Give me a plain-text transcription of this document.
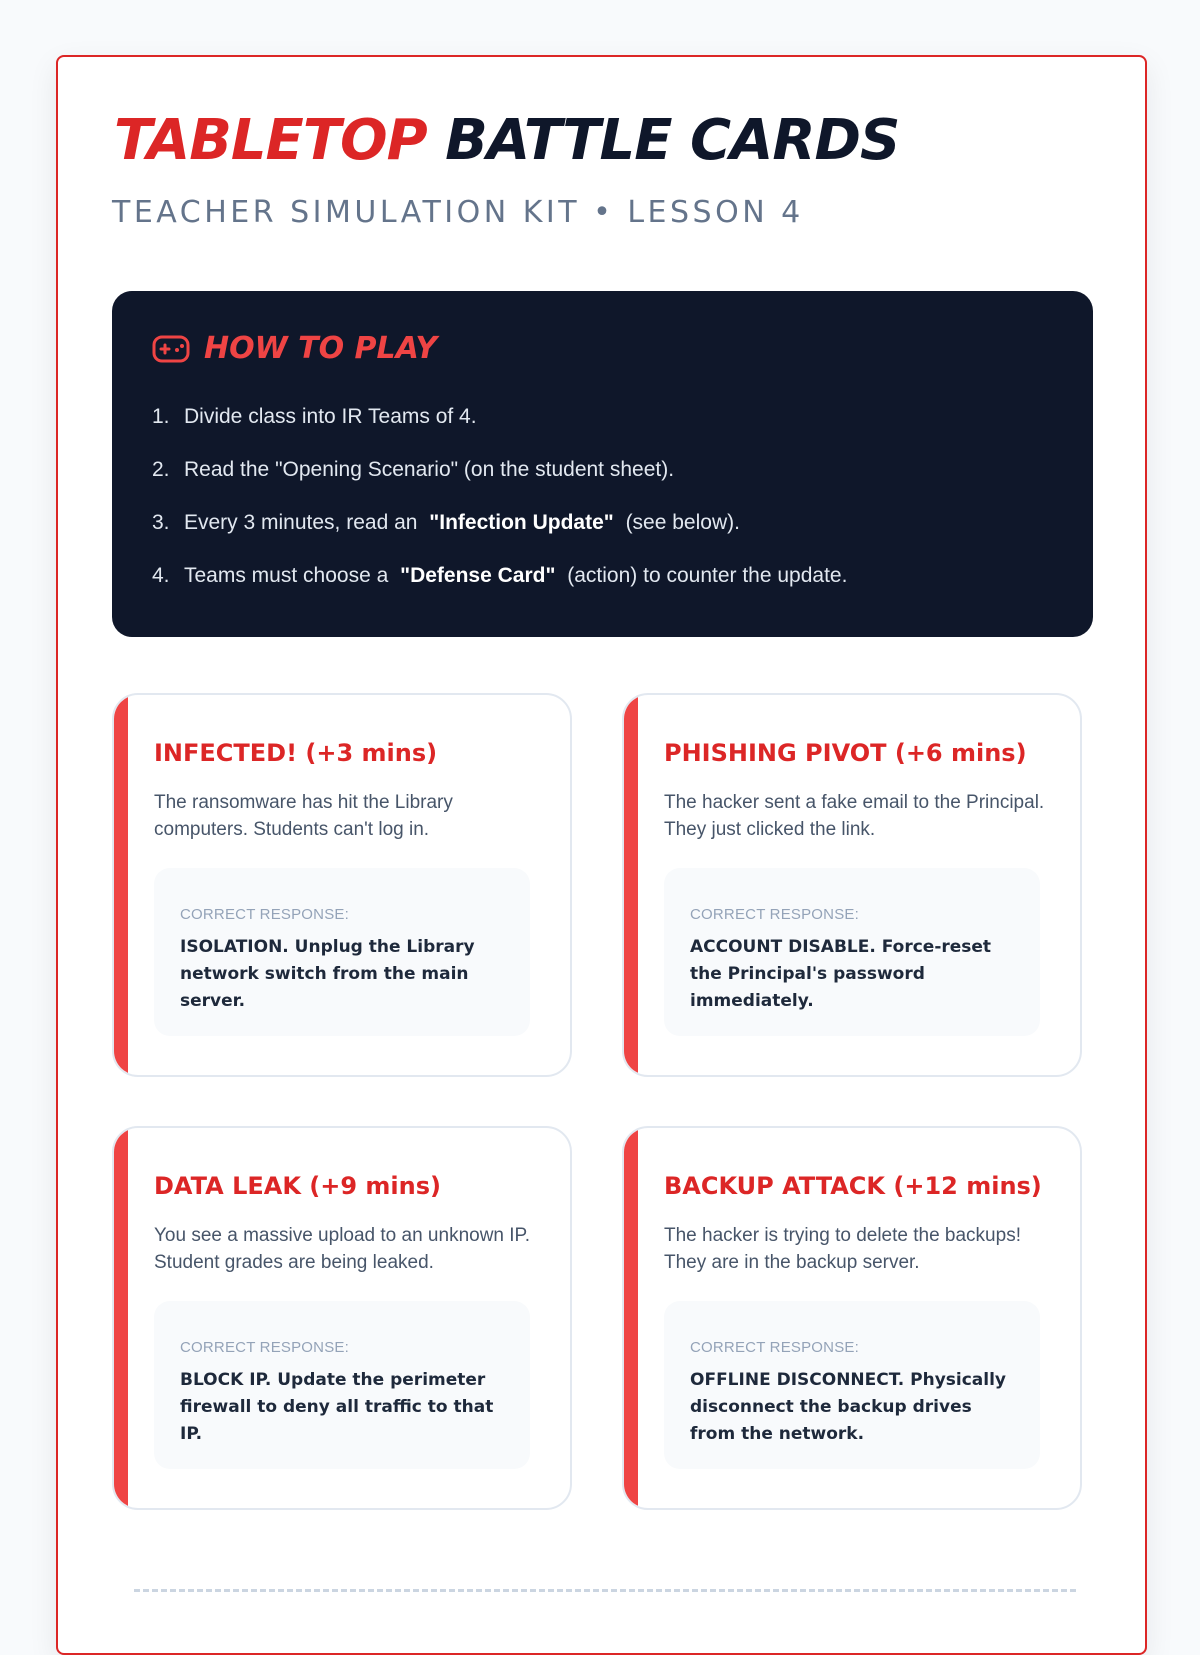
TABLETOP BATTLE CARDS
TEACHER SIMULATION KIT • LESSON 4
HOW TO PLAY
1. Divide class into IR Teams of 4.
2. Read the "Opening Scenario" (on the student sheet).
3. Every 3 minutes, read an "Infection Update" (see below).
4. Teams must choose a "Defense Card" (action) to counter the update.
INFECTED! (+3 mins)

The ransomware has hit the Library computers. Students can't log in.

CORRECT RESPONSE:
ISOLATION. Unplug the Library network switch from the main server.
PHISHING PIVOT (+6 mins)

The hacker sent a fake email to the Principal. They just clicked the link.

CORRECT RESPONSE:
ACCOUNT DISABLE. Force-reset the Principal's password immediately.
DATA LEAK (+9 mins)

You see a massive upload to an unknown IP. Student grades are being leaked.

CORRECT RESPONSE:
BLOCK IP. Update the perimeter firewall to deny all traffic to that IP.
BACKUP ATTACK (+12 mins)

The hacker is trying to delete the backups! They are in the backup server.

CORRECT RESPONSE:
OFFLINE DISCONNECT. Physically disconnect the backup drives from the network.
